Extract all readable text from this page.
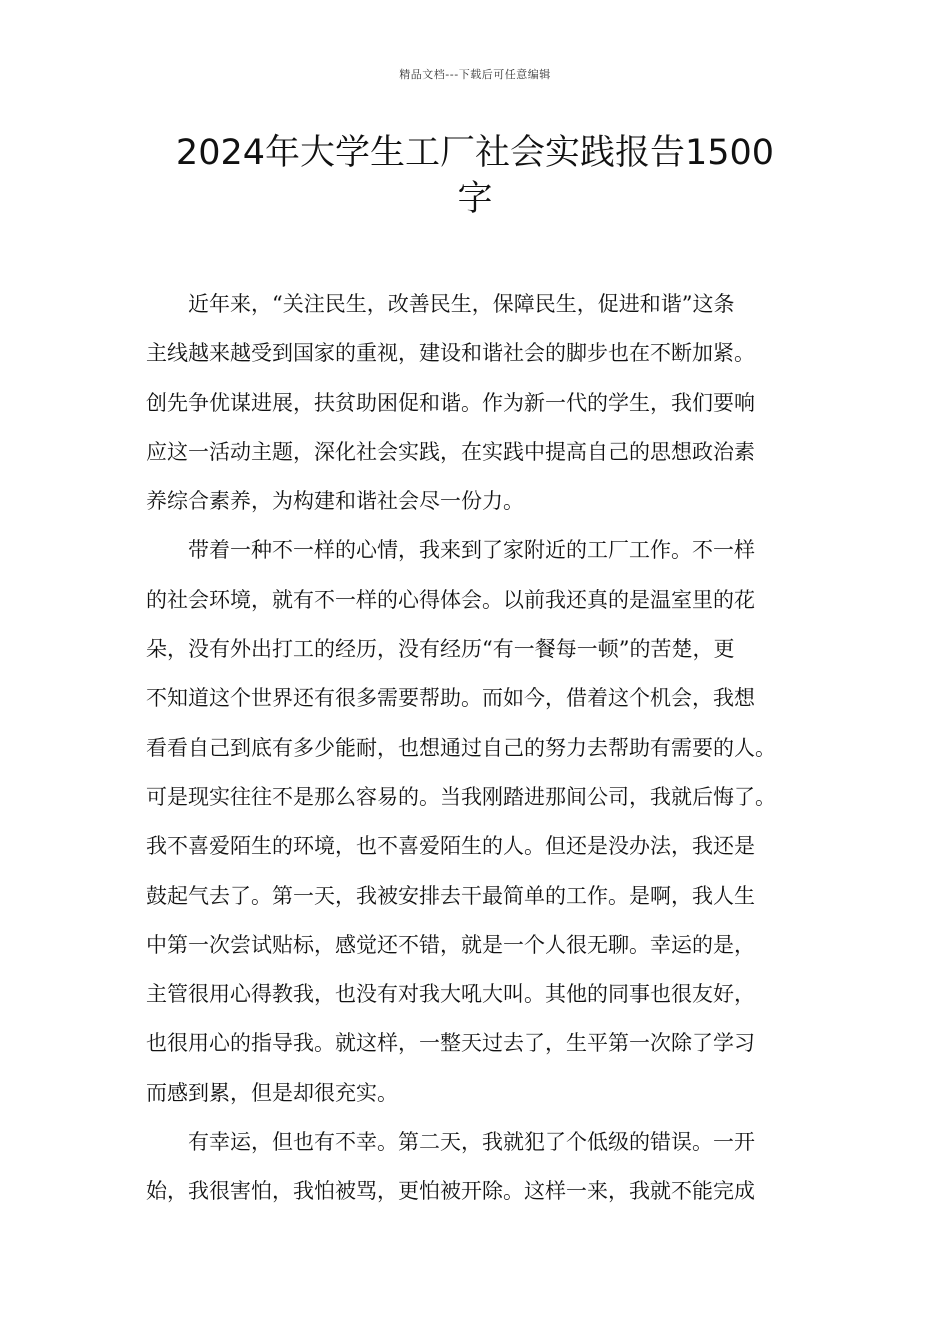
精品文档---下载后可任意编辑
2024年大学生工厂社会实践报告1500
字
近年来，“关注民生，改善民生，保障民生，促进和谐”这条
主线越来越受到国家的重视，建设和谐社会的脚步也在不断加紧。
创先争优谋进展，扶贫助困促和谐。作为新一代的学生，我们要响
应这一活动主题，深化社会实践，在实践中提高自己的思想政治素
养综合素养，为构建和谐社会尽一份力。
带着一种不一样的心情，我来到了家附近的工厂工作。不一样
的社会环境，就有不一样的心得体会。以前我还真的是温室里的花
朵，没有外出打工的经历，没有经历“有一餐每一顿”的苦楚，更
不知道这个世界还有很多需要帮助。而如今，借着这个机会，我想
看看自己到底有多少能耐，也想通过自己的努力去帮助有需要的人。
可是现实往往不是那么容易的。当我刚踏进那间公司，我就后悔了。
我不喜爱陌生的环境，也不喜爱陌生的人。但还是没办法，我还是
鼓起气去了。第一天，我被安排去干最简单的工作。是啊，我人生
中第一次尝试贴标，感觉还不错，就是一个人很无聊。幸运的是，
主管很用心得教我，也没有对我大吼大叫。其他的同事也很友好，
也很用心的指导我。就这样，一整天过去了，生平第一次除了学习
而感到累，但是却很充实。
有幸运，但也有不幸。第二天，我就犯了个低级的错误。一开
始，我很害怕，我怕被骂，更怕被开除。这样一来，我就不能完成
